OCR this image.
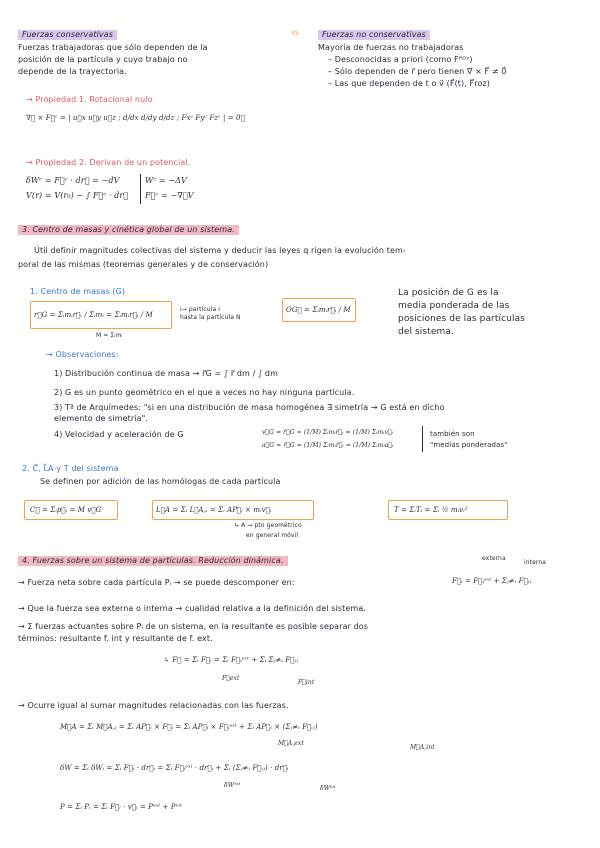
Fuerzas conservativas
Fuerzas trabajadoras que sólo dependen de la
posición de la partícula y cuyo trabajo no
depende de la trayectoria.
→ Propiedad 1. Rotacional nulo
∇⃗ × F⃗ᶜ = | u⃗x u⃗y u⃗z ; d/dx d/dy d/dz ; Fxᶜ Fyᶜ Fzᶜ | = 0⃗
→ Propiedad 2. Derivan de un potencial.
δWᶜ = F⃗ᶜ · dr⃗ = −dV
V(r) = V(r₀) − ∫ F⃗ᶜ · dr⃗
Wᶜ = −ΔV
F⃗ᶜ = −∇⃗V
VS	Fuerzas no conservativas
Mayoría de fuerzas no trabajadoras
– Desconocidas a priori (como Fᴿᴼᶻ)
– Sólo dependen de r⃗ pero tienen ∇⃗ × F⃗ ≠ 0⃗
– Las que dependen de t o v⃗ (F⃗(t), F⃗roz)
3. Centro de masas y cinética global de un sistema.
Útil definir magnitudes colectivas del sistema y deducir las leyes q rigen la evolución tem-
poral de las mismas (teoremas generales y de conservación)
1. Centro de masas (G)
r⃗G = Σᵢmᵢr⃗ᵢ / Σᵢmᵢ = Σᵢmᵢr⃗ᵢ / M
M = Σᵢmᵢ
i→ partícula i
hasta la partícula N
OG⃗ = Σᵢmᵢr⃗ᵢ / M
La posición de G es la
media ponderada de las
posiciones de las partículas
del sistema.
→ Observaciones:
1) Distribución continua de masa → r⃗G = ∫ r⃗ dm / ∫ dm
2) G es un punto geométrico en el que a veces no hay ninguna partícula.
3) Tª de Arquímedes: "si en una distribución de masa homogénea ∃ simetría → G está en dicho
elemento de simetría".
4) Velocidad y aceleración de G	v⃗G = ṙ⃗G = (1/M) Σᵢmᵢṙ⃗ᵢ = (1/M) Σᵢmᵢv⃗ᵢ
a⃗G = r̈⃗G = (1/M) Σᵢmᵢr̈⃗ᵢ = (1/M) Σᵢmᵢa⃗ᵢ
también son
"medias ponderadas"
2. C⃗, L⃗A y T del sistema
Se definen por adición de las homólogas de cada partícula
C⃗ = Σᵢp⃗ᵢ = M v⃗G	L⃗A = Σᵢ L⃗A,ᵢ = Σᵢ AP⃗ᵢ × mᵢv⃗ᵢ
↳ A → pto geométrico
en general móvil
T = ΣᵢTᵢ = Σᵢ ½ mᵢvᵢ²
4. Fuerzas sobre un sistema de partículas. Reducción dinámica.	externa
interna
→ Fuerza neta sobre cada partícula Pᵢ → se puede descomponer en:	F⃗ᵢ = F⃗ᵢᵉˣᵗ + Σⱼ≠ᵢ F⃗ᵢⱼ
→ Que la fuerza sea externa o interna → cualidad relativa a la definición del sistema.
→ Σ fuerzas actuantes sobre Pᵢ de un sistema, en la resultante es posible separar dos
términos: resultante f. int y resultante de f. ext.
↳ F⃗ = Σᵢ F⃗ᵢ = Σᵢ F⃗ᵢᵉˣᵗ + Σᵢ Σⱼ≠ᵢ F⃗ᵢⱼ
F⃗ext
F⃗int
→ Ocurre igual al sumar magnitudes relacionadas con las fuerzas.
M⃗A = Σᵢ M⃗A,ᵢ = Σᵢ AP⃗ᵢ × F⃗ᵢ = Σᵢ AP⃗ᵢ × F⃗ᵢᵉˣᵗ + Σᵢ AP⃗ᵢ × (Σⱼ≠ᵢ F⃗ᵢⱼ)
M⃗A,ext
M⃗A,int
δW = Σᵢ δWᵢ = Σᵢ F⃗ᵢ · dr⃗ᵢ = Σᵢ F⃗ᵢᵉˣᵗ · dr⃗ᵢ + Σᵢ (Σⱼ≠ᵢ F⃗ᵢⱼ) · dr⃗ᵢ
δWᵉˣᵗ	δWⁱⁿᵗ
P = Σᵢ Pᵢ = Σᵢ F⃗ᵢ · v⃗ᵢ = Pᵉˣᵗ + Pⁱⁿᵗ
